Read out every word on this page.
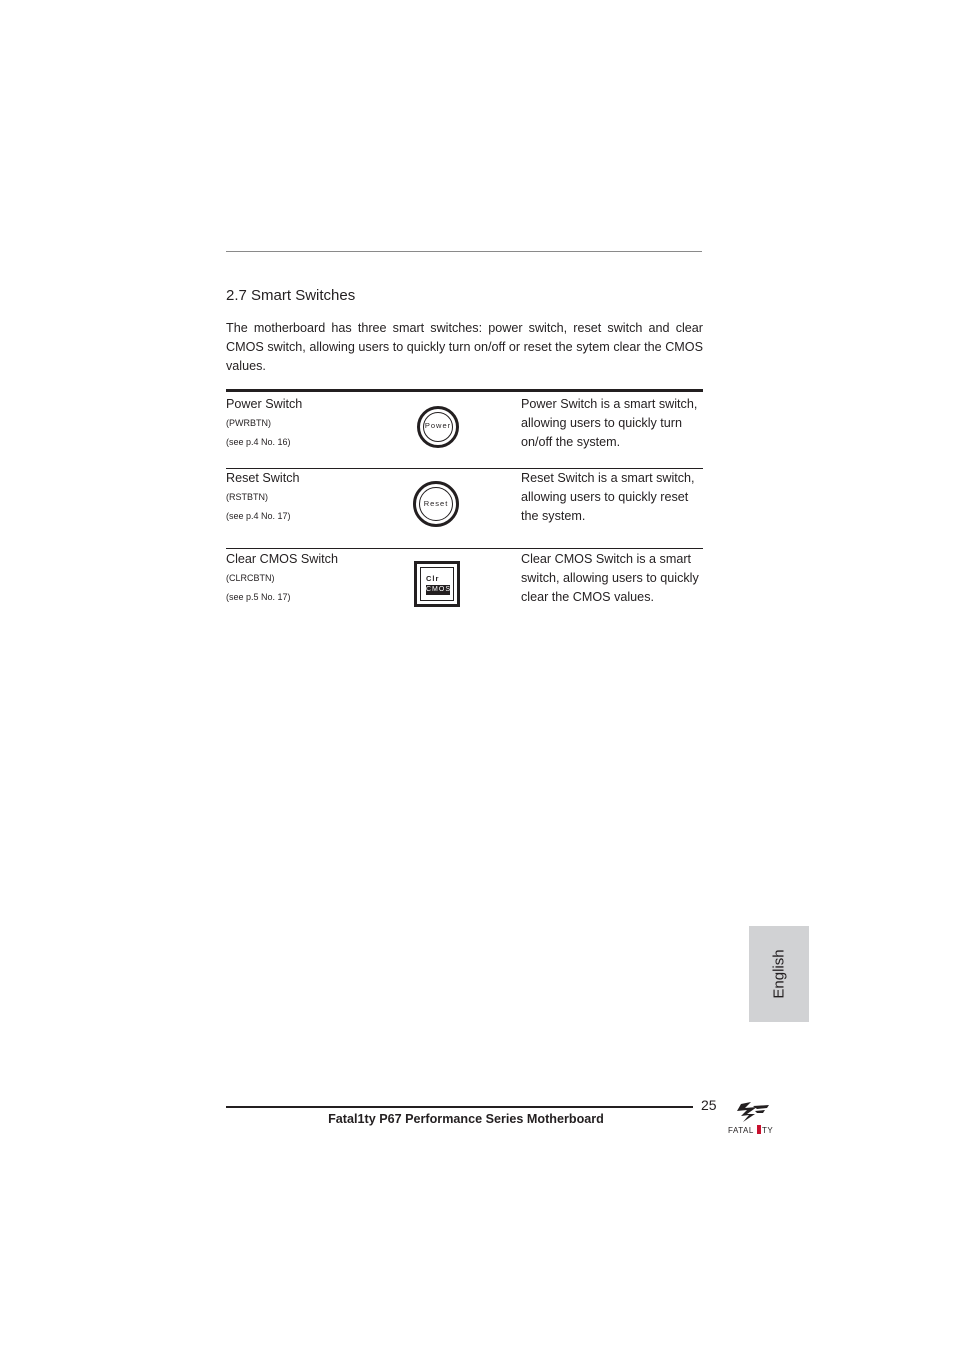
2.7 Smart Switches
The motherboard has three smart switches: power switch, reset switch and clear CMOS switch, allowing users to quickly turn on/off or reset the sytem clear the CMOS values.
Power Switch
(PWRBTN)
(see p.4 No. 16)
Power
Power Switch is a smart switch, allowing users to quickly turn on/off the system.
Reset Switch
(RSTBTN)
(see p.4 No. 17)
Reset
Reset Switch is a smart switch, allowing users to quickly reset the system.
Clear CMOS Switch
(CLRCBTN)
(see p.5 No. 17)
Clr
CMOS
Clear CMOS Switch is a smart switch, allowing users to quickly clear the CMOS values.
English
25
Fatal1ty P67 Performance Series Motherboard
FATAL TY
